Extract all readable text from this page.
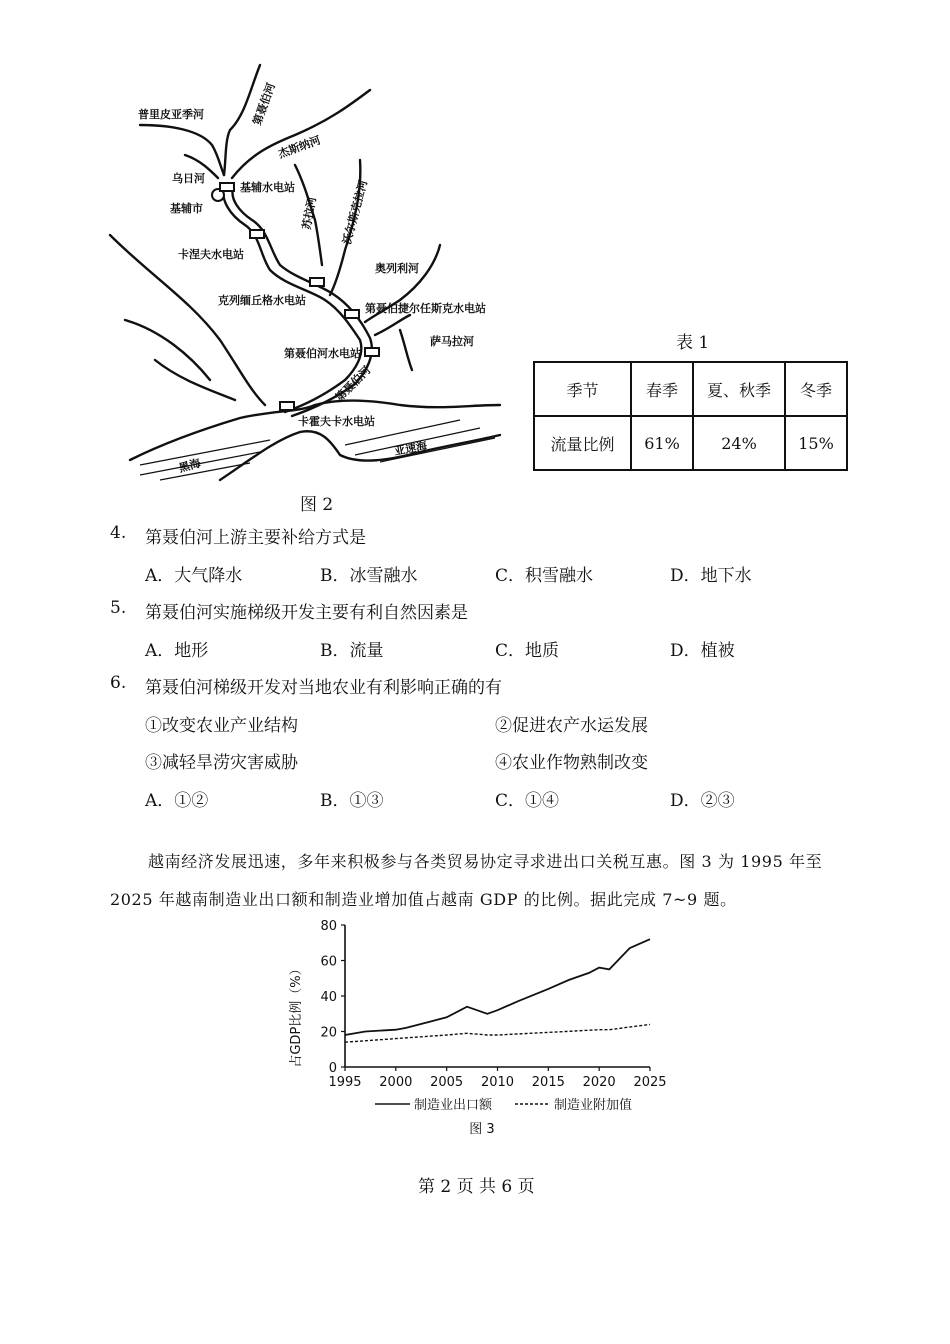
普里皮亚季河	第聂伯河
杰斯纳河
乌日河
基辅水电站
基辅市	苏拉河 沃尔斯克拉河
卡涅夫水电站
奥列利河
克列缅丘格水电站
第聂伯捷尔任斯克水电站
萨马拉河
第聂伯河水电站
第聂伯河
卡霍夫卡水电站
黑海
亚速海
图 2
表 1
季节	春季	夏、秋季	冬季
流量比例	61%	24%	15%
4. 第聂伯河上游主要补给方式是
A．大气降水	B．冰雪融水	C．积雪融水	D．地下水
5. 第聂伯河实施梯级开发主要有利自然因素是
A．地形	B．流量	C．地质	D．植被
6. 第聂伯河梯级开发对当地农业有利影响正确的有
①改变农业产业结构	②促进农产水运发展
③减轻旱涝灾害威胁	④农业作物熟制改变
A．①②	B．①③	C．①④	D．②③
越南经济发展迅速，多年来积极参与各类贸易协定寻求进出口关税互惠。图 3 为 1995 年至
2025 年越南制造业出口额和制造业增加值占越南 GDP 的比例。据此完成 7~9 题。
0
20
40
60
80
1995 2000 2005 2010 2015 2020 2025
占GDP比例（%）
制造业出口额	制造业附加值
图 3
第 2 页 共 6 页
